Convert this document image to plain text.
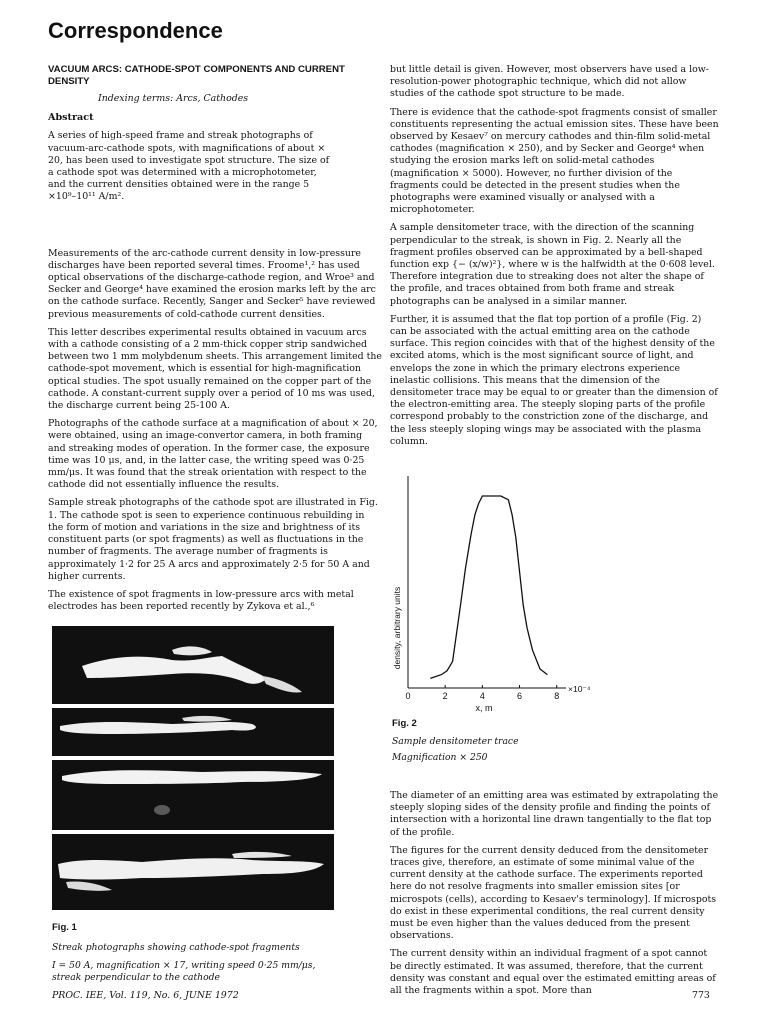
Correspondence
VACUUM ARCS: CATHODE-SPOT COMPONENTS AND CURRENT DENSITY
Indexing terms: Arcs, Cathodes
Abstract

A series of high-speed frame and streak photographs of vacuum-arc-cathode spots, with magnifications of about × 20, has been used to investigate spot structure. The size of a cathode spot was determined with a microphotometer, and the current densities obtained were in the range 5 ×10⁹–10¹¹ A/m².

Measurements of the arc-cathode current density in low-pressure discharges have been reported several times. Froome¹,² has used optical observations of the discharge-cathode region, and Wroe³ and Secker and George⁴ have examined the erosion marks left by the arc on the cathode surface. Recently, Sanger and Secker⁵ have reviewed previous measurements of cold-cathode current densities.

This letter describes experimental results obtained in vacuum arcs with a cathode consisting of a 2 mm-thick copper strip sandwiched between two 1 mm molybdenum sheets. This arrangement limited the cathode-spot movement, which is essential for high-magnification optical studies. The spot usually remained on the copper part of the cathode. A constant-current supply over a period of 10 ms was used, the discharge current being 25-100 A.

Photographs of the cathode surface at a magnification of about × 20, were obtained, using an image-convertor camera, in both framing and streaking modes of operation. In the former case, the exposure time was 10 μs, and, in the latter case, the writing speed was 0·25 mm/μs. It was found that the streak orientation with respect to the cathode did not essentially influence the results.

Sample streak photographs of the cathode spot are illustrated in Fig. 1. The cathode spot is seen to experience continuous rebuilding in the form of motion and variations in the size and brightness of its constituent parts (or spot fragments) as well as fluctuations in the number of fragments. The average number of fragments is approximately 1·2 for 25 A arcs and approximately 2·5 for 50 A and higher currents.

The existence of spot fragments in low-pressure arcs with metal electrodes has been reported recently by Zykova et al.,⁶

but little detail is given. However, most observers have used a low-resolution-power photographic technique, which did not allow studies of the cathode spot structure to be made.

There is evidence that the cathode-spot fragments consist of smaller constituents representing the actual emission sites. These have been observed by Kesaev⁷ on mercury cathodes and thin-film solid-metal cathodes (magnification × 250), and by Secker and George⁴ when studying the erosion marks left on solid-metal cathodes (magnification × 5000). However, no further division of the fragments could be detected in the present studies when the photographs were examined visually or analysed with a microphotometer.

A sample densitometer trace, with the direction of the scanning perpendicular to the streak, is shown in Fig. 2. Nearly all the fragment profiles observed can be approximated by a bell-shaped function exp {− (x/w)²}, where w is the halfwidth at the 0·608 level. Therefore integration due to streaking does not alter the shape of the profile, and traces obtained from both frame and streak photographs can be analysed in a similar manner.

Further, it is assumed that the flat top portion of a profile (Fig. 2) can be associated with the actual emitting area on the cathode surface. This region coincides with that of the highest density of the excited atoms, which is the most significant source of light, and envelops the zone in which the primary electrons experience inelastic collisions. This means that the dimension of the densitometer trace may be equal to or greater than the dimension of the electron-emitting area. The steeply sloping parts of the profile correspond probably to the constriction zone of the discharge, and the less steeply sloping wings may be associated with the plasma column.

0	2	4	6	8
density, arbitrary units
x, m
×10⁻⁴
Fig. 2
Sample densitometer trace
Magnification × 250

The diameter of an emitting area was estimated by extrapolating the steeply sloping sides of the density profile and finding the points of intersection with a horizontal line drawn tangentially to the flat top of the profile.

The figures for the current density deduced from the densitometer traces give, therefore, an estimate of some minimal value of the current density at the cathode surface. The experiments reported here do not resolve fragments into smaller emission sites [or microspots (cells), according to Kesaev's terminology]. If microspots do exist in these experimental conditions, the real current density must be even higher than the values deduced from the present observations.

The current density within an individual fragment of a spot cannot be directly estimated. It was assumed, therefore, that the current density was constant and equal over the estimated emitting areas of all the fragments within a spot. More than

Fig. 1
Streak photographs showing cathode-spot fragments
I = 50 A, magnification × 17, writing speed 0·25 mm/μs,
streak perpendicular to the cathode
PROC. IEE, Vol. 119, No. 6, JUNE 1972	773
